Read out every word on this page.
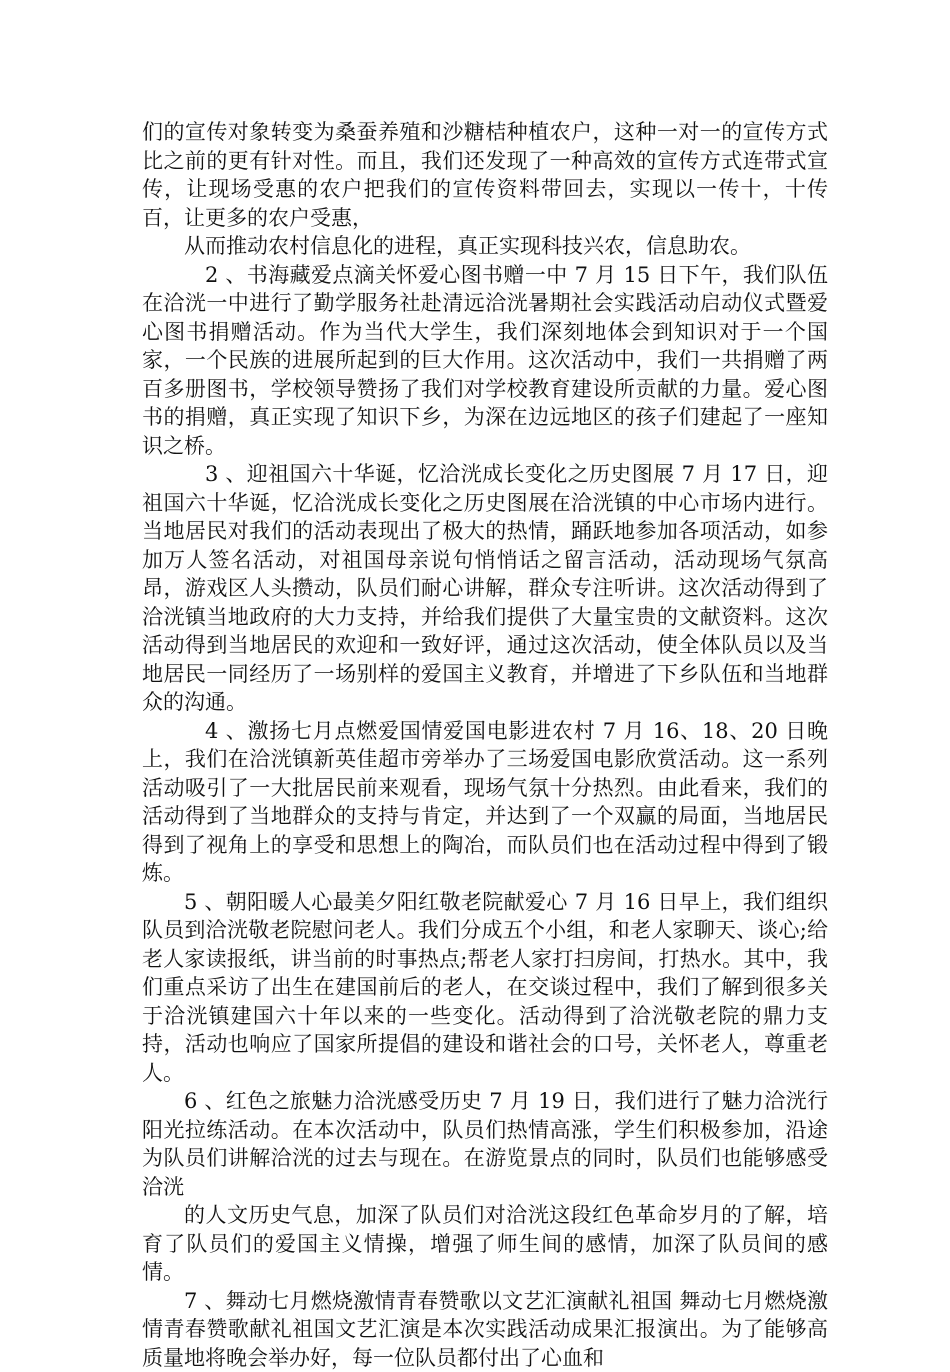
们的宣传对象转变为桑蚕养殖和沙糖桔种植农户，这种一对一的宣传方式比之前的更有针对性。而且，我们还发现了一种高效的宣传方式连带式宣传，让现场受惠的农户把我们的宣传资料带回去，实现以一传十，十传百，让更多的农户受惠，

从而推动农村信息化的进程，真正实现科技兴农，信息助农。

2 、书海藏爱点滴关怀爱心图书赠一中 7 月 15 日下午，我们队伍在洽洸一中进行了勤学服务社赴清远洽洸暑期社会实践活动启动仪式暨爱心图书捐赠活动。作为当代大学生，我们深刻地体会到知识对于一个国家，一个民族的进展所起到的巨大作用。这次活动中，我们一共捐赠了两百多册图书，学校领导赞扬了我们对学校教育建设所贡献的力量。爱心图书的捐赠，真正实现了知识下乡，为深在边远地区的孩子们建起了一座知识之桥。

3 、迎祖国六十华诞，忆洽洸成长变化之历史图展 7 月 17 日，迎祖国六十华诞，忆洽洸成长变化之历史图展在洽洸镇的中心市场内进行。当地居民对我们的活动表现出了极大的热情，踊跃地参加各项活动，如参加万人签名活动，对祖国母亲说句悄悄话之留言活动，活动现场气氛高昂，游戏区人头攒动，队员们耐心讲解，群众专注听讲。这次活动得到了洽洸镇当地政府的大力支持，并给我们提供了大量宝贵的文献资料。这次活动得到当地居民的欢迎和一致好评，通过这次活动，使全体队员以及当地居民一同经历了一场别样的爱国主义教育，并增进了下乡队伍和当地群众的沟通。

4 、激扬七月点燃爱国情爱国电影进农村 7 月 16、18、20 日晚上，我们在洽洸镇新英佳超市旁举办了三场爱国电影欣赏活动。这一系列活动吸引了一大批居民前来观看，现场气氛十分热烈。由此看来，我们的活动得到了当地群众的支持与肯定，并达到了一个双赢的局面，当地居民得到了视角上的享受和思想上的陶冶，而队员们也在活动过程中得到了锻炼。

5 、朝阳暖人心最美夕阳红敬老院献爱心 7 月 16 日早上，我们组织队员到洽洸敬老院慰问老人。我们分成五个小组，和老人家聊天、谈心;给老人家读报纸，讲当前的时事热点;帮老人家打扫房间，打热水。其中，我们重点采访了出生在建国前后的老人，在交谈过程中，我们了解到很多关于洽洸镇建国六十年以来的一些变化。活动得到了洽洸敬老院的鼎力支持，活动也响应了国家所提倡的建设和谐社会的口号，关怀老人，尊重老人。

6 、红色之旅魅力洽洸感受历史 7 月 19 日，我们进行了魅力洽洸行阳光拉练活动。在本次活动中，队员们热情高涨，学生们积极参加，沿途为队员们讲解洽洸的过去与现在。在游览景点的同时，队员们也能够感受洽洸

的人文历史气息，加深了队员们对洽洸这段红色革命岁月的了解，培育了队员们的爱国主义情操，增强了师生间的感情，加深了队员间的感情。

7 、舞动七月燃烧激情青春赞歌以文艺汇演献礼祖国 舞动七月燃烧激情青春赞歌献礼祖国文艺汇演是本次实践活动成果汇报演出。为了能够高质量地将晚会举办好，每一位队员都付出了心血和
